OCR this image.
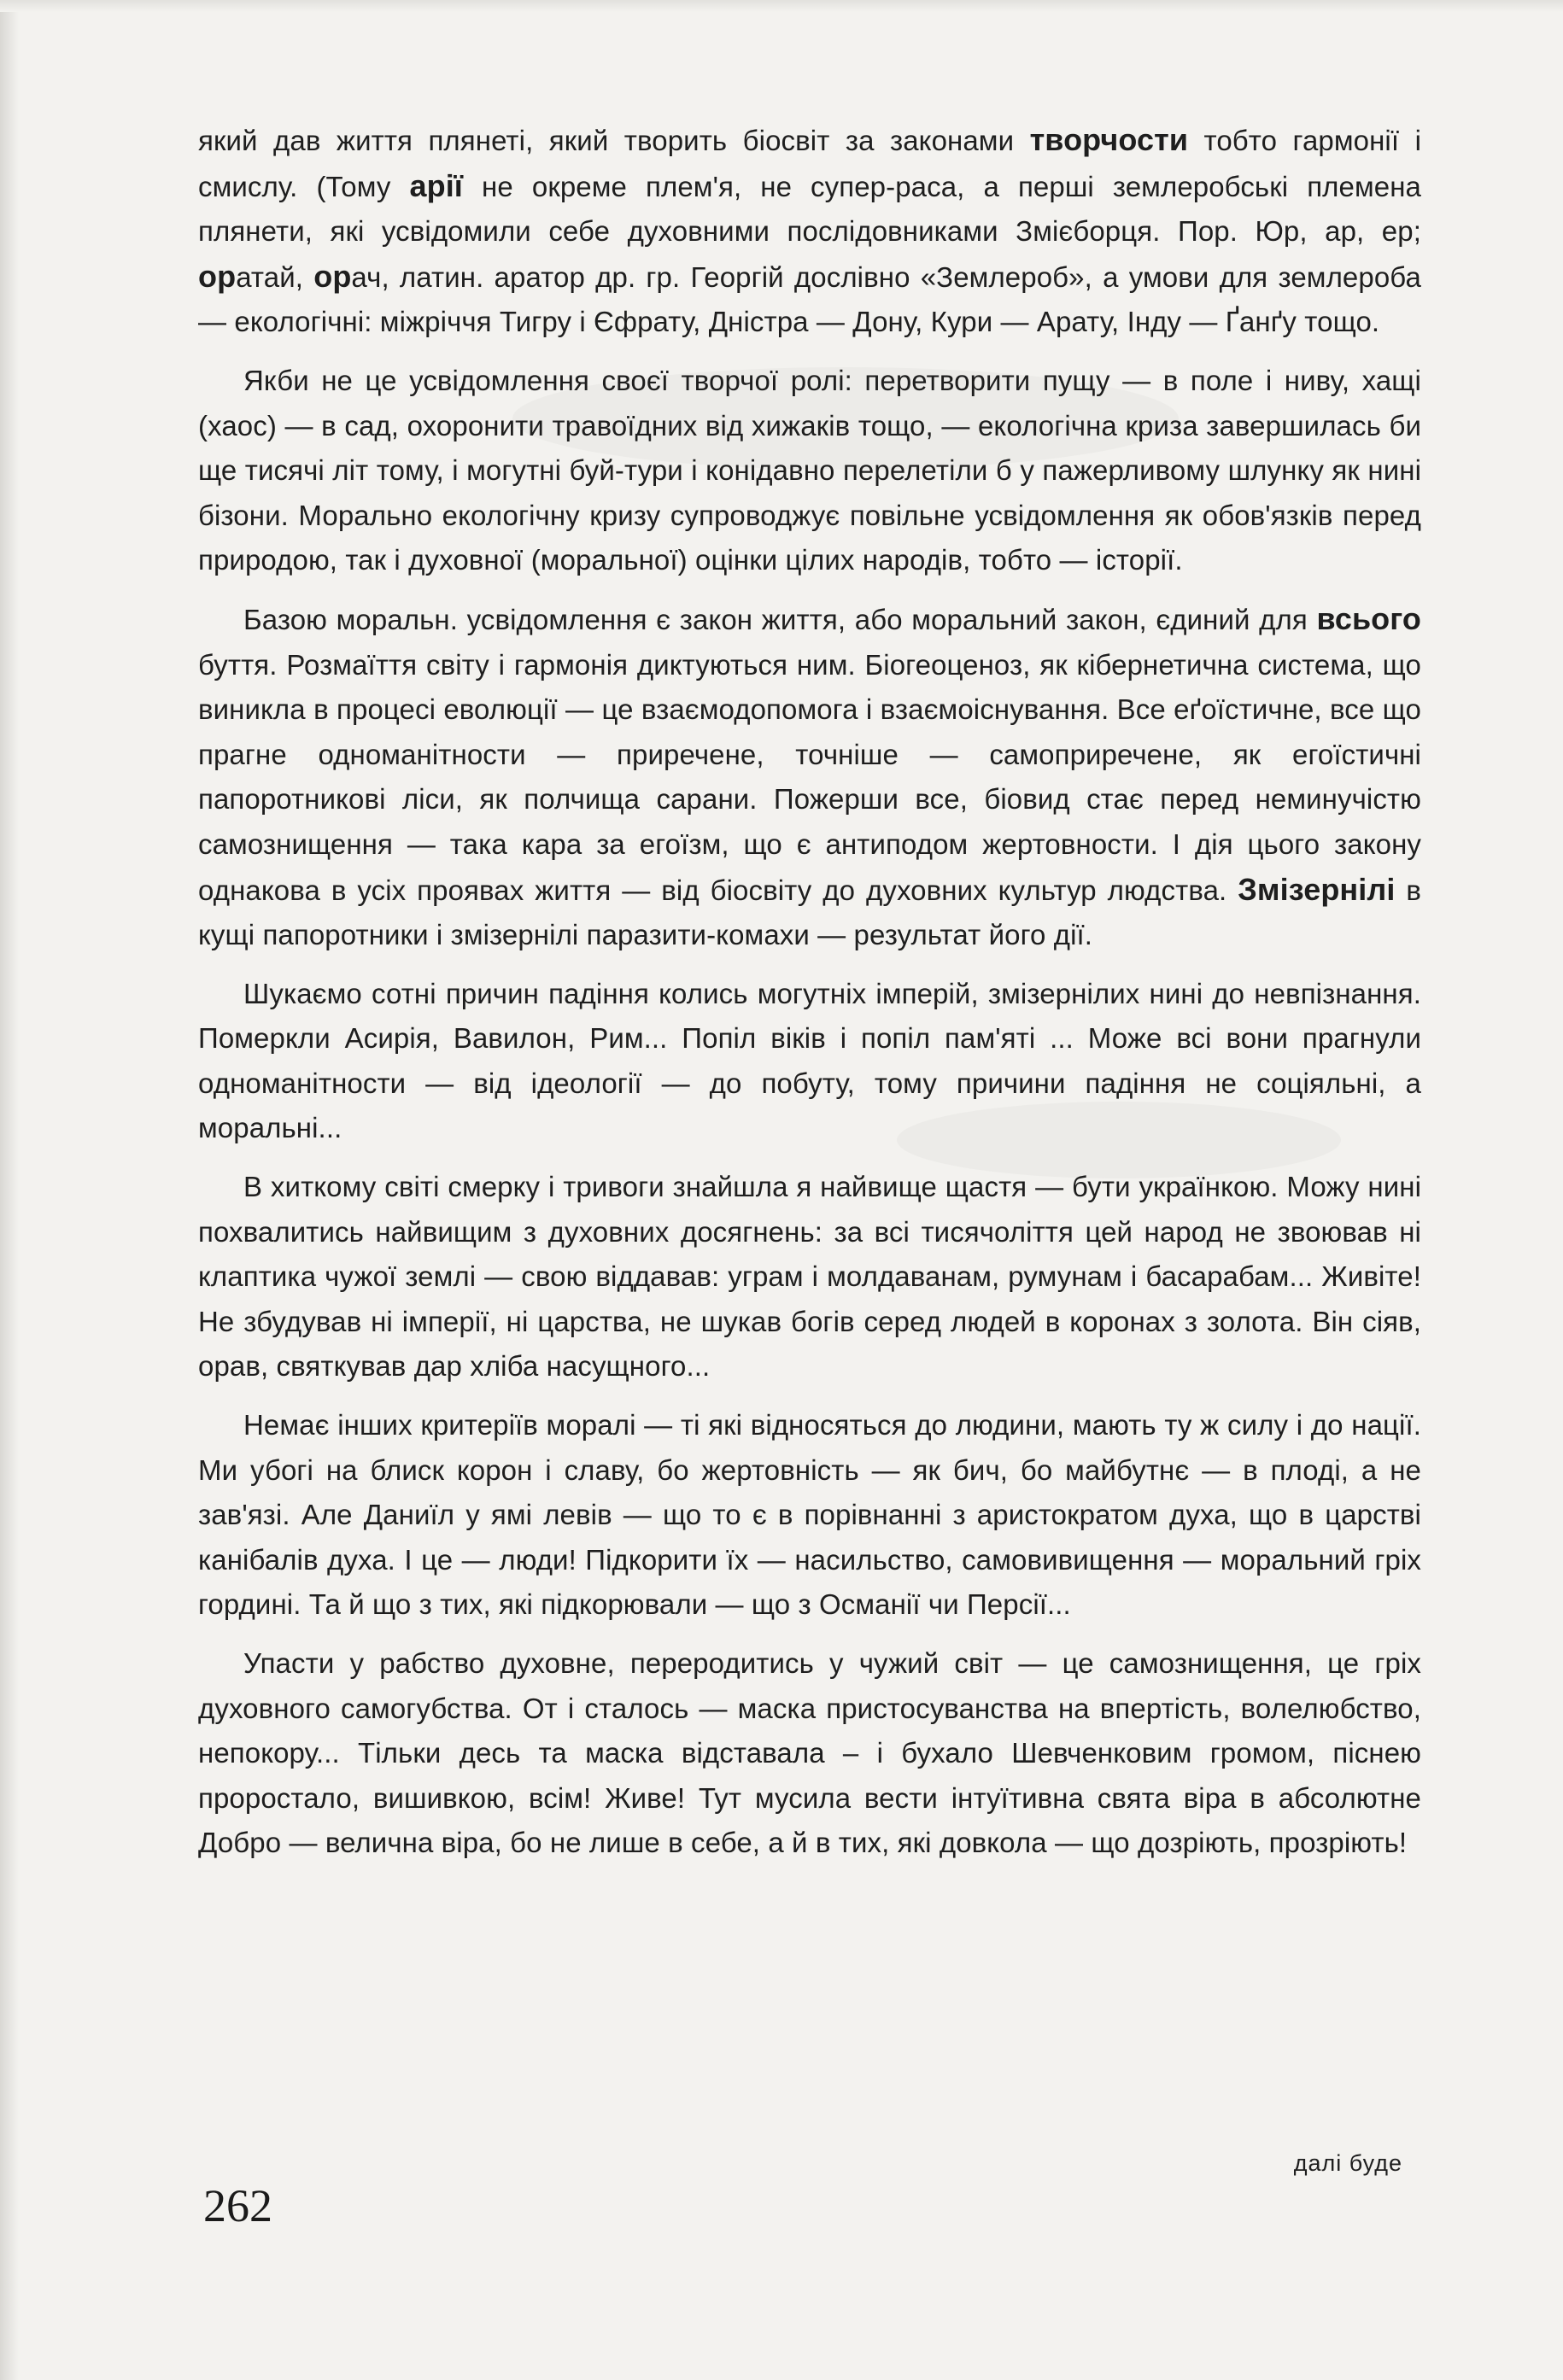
який дав життя плянеті, який творить біосвіт за законами творчости тобто гармонії і смислу. (Тому арії не окреме плем'я, не супер-раса, а перші землеробські племена плянети, які усвідомили себе духовними послідовниками Змієборця. Пор. Юр, ар, ер; оратай, орач, латин. аратор др. гр. Георгій дослівно «Землероб», а умови для землероба — екологічні: міжріччя Тигру і Єфрату, Дністра — Дону, Кури — Арату, Інду — Ґанґу тощо.

Якби не це усвідомлення своєї творчої ролі: перетворити пущу — в поле і ниву, хащі (хаос) — в сад, охоронити травоїдних від хижаків тощо, — екологічна криза завершилась би ще тисячі літ тому, і могутні буй-тури і конідавно перелетіли б у пажерливому шлунку як нині бізони. Морально екологічну кризу супроводжує повільне усвідомлення як обов'язків перед природою, так і духовної (моральної) оцінки цілих народів, тобто — історії.

Базою моральн. усвідомлення є закон життя, або моральний закон, єдиний для всього буття. Розмаїття світу і гармонія диктуються ним. Біогеоценоз, як кібернетична система, що виникла в процесі еволюції — це взаємодопомога і взаємоіснування. Все еґоїстичне, все що прагне одноманітности — приречене, точніше — самоприречене, як егоїстичні папоротникові ліси, як полчища сарани. Пожерши все, біовид стає перед неминучістю самознищення — така кара за егоїзм, що є антиподом жертовности. І дія цього закону однакова в усіх проявах життя — від біосвіту до духовних культур людства. Змізернілі в кущі папоротники і змізернілі паразити-комахи — результат його дії.

Шукаємо сотні причин падіння колись могутніх імперій, змізернілих нині до невпізнання. Померкли Асирія, Вавилон, Рим... Попіл віків і попіл пам'яті ... Може всі вони прагнули одноманітности — від ідеології — до побуту, тому причини падіння не соціяльні, а моральні...

В хиткому світі смерку і тривоги знайшла я найвище щастя — бути українкою. Можу нині похвалитись найвищим з духовних досягнень: за всі тисячоліття цей народ не звоював ні клаптика чужої землі — свою віддавав: уграм і молдаванам, румунам і басарабам... Живіте! Не збудував ні імперії, ні царства, не шукав богів серед людей в коронах з золота. Він сіяв, орав, святкував дар хліба насущного...

Немає інших критеріїв моралі — ті які відносяться до людини, мають ту ж силу і до нації. Ми убогі на блиск корон і славу, бо жертовність — як бич, бо майбутнє — в плоді, а не зав'язі. Але Даниїл у ямі левів — що то є в порівнанні з аристократом духа, що в царстві канібалів духа. І це — люди! Підкорити їх — насильство, самовивищення — моральний гріх гордині. Та й що з тих, які підкорювали — що з Османії чи Персії...

Упасти у рабство духовне, переродитись у чужий світ — це самознищення, це гріх духовного самогубства. От і сталось — маска пристосуванства на впертість, волелюбство, непокору... Тільки десь та маска відставала – і бухало Шевченковим громом, піснею проростало, вишивкою, всім! Живе! Тут мусила вести інтуїтивна свята віра в абсолютне Добро — велична віра, бо не лише в себе, а й в тих, які довкола — що дозріють, прозріють!

далі буде
262
